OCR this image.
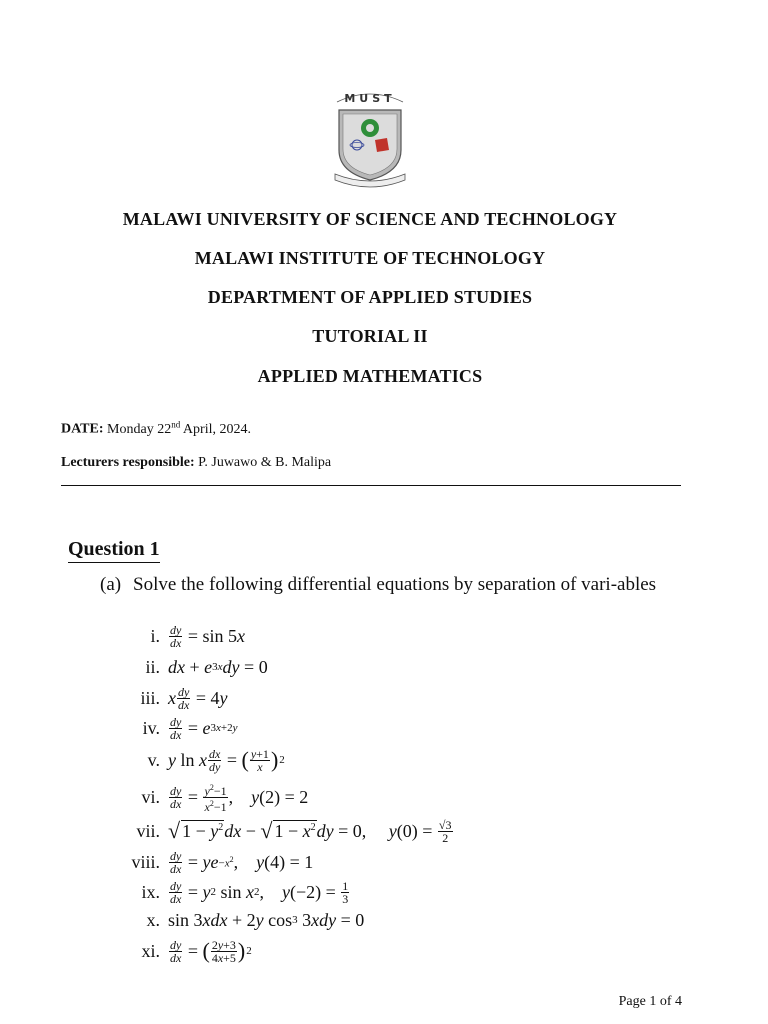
MUST
MALAWI UNIVERSITY OF SCIENCE AND TECHNOLOGY
MALAWI INSTITUTE OF TECHNOLOGY
DEPARTMENT OF APPLIED STUDIES
TUTORIAL II
APPLIED MATHEMATICS
DATE: Monday 22nd April, 2024.
Lecturers responsible: P. Juwawo & B. Malipa
Question 1
(a) Solve the following differential equations by separation of vari-ables
i. $\frac{dy}{dx}$
= sin 5 x
ii. dx + e 3x dy = 0
iii. x $\frac{dy}{dx}$
= 4 y
iv. $\frac{dy}{dx}$
= e 3x+2y
v. y ln x $\frac{dx}{dy}$
= ( y+1
x ) 2
vi. $\frac{dy}{dx}$
= $\frac{y^2-1}{x^2-1}$ , y (2) = 2
vii. √ $1 - y^2$ dx − √ $1 - x^2$ dy = 0, y $(0) = \frac{√3}{2}$
viii. $\frac{dy}{dx}$
= ye $-x^2$ , y (4) = 1
ix. $\frac{dy}{dx}$
= y 2 sin x 2 , y $(-2) = \frac{1}{3}$
x. sin 3 xdx + 2 y cos 3 3 xdy = 0
xi. $\frac{dy}{dx}$
= ( 2y+3
4x+5 ) 2
Page 1 of 4
